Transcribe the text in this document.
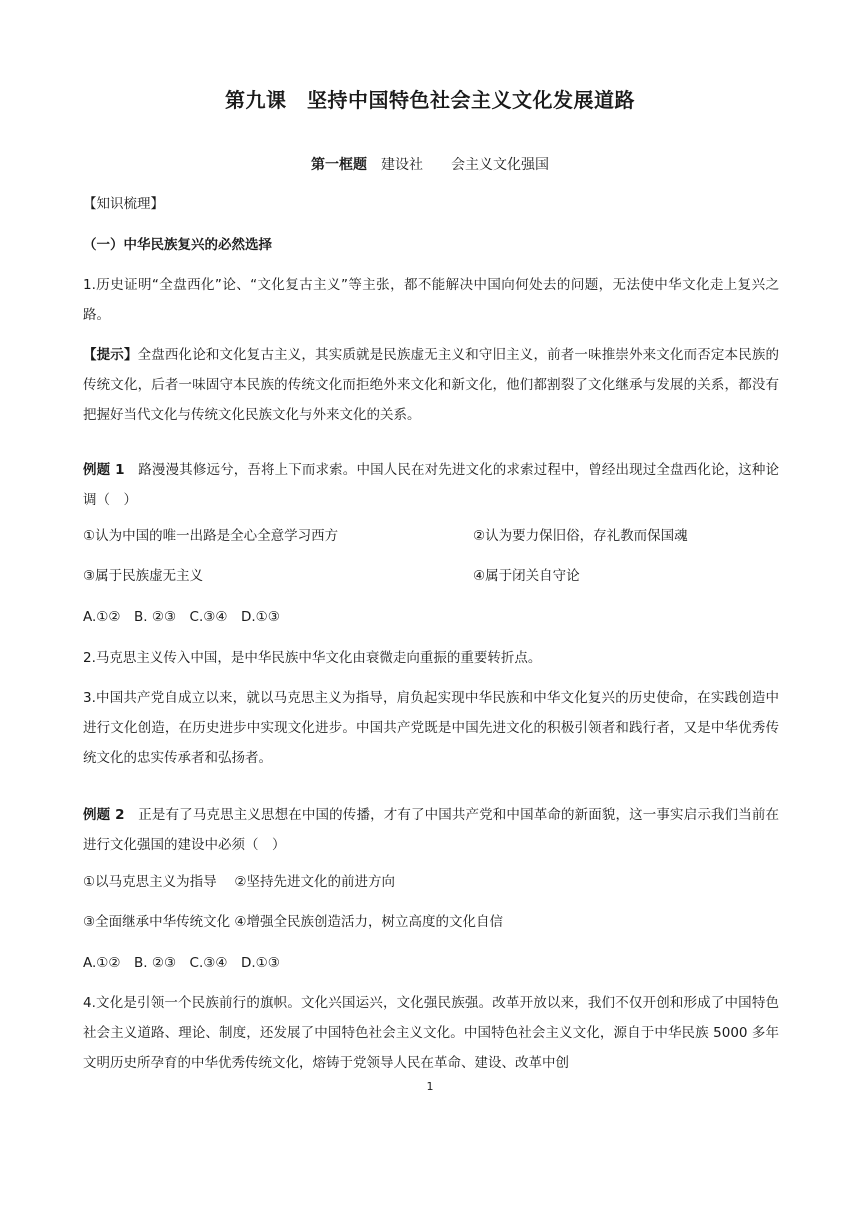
第九课　坚持中国特色社会主义文化发展道路
第一框题　 建设社　　会主义文化强国
【知识梳理】
（一）中华民族复兴的必然选择
1.历史证明“全盘西化”论、“文化复古主义”等主张，都不能解决中国向何处去的问题，无法使中华文化走上复兴之路。
【提示】全盘西化论和文化复古主义，其实质就是民族虚无主义和守旧主义，前者一味推崇外来文化而否定本民族的传统文化，后者一味固守本民族的传统文化而拒绝外来文化和新文化，他们都割裂了文化继承与发展的关系，都没有把握好当代文化与传统文化民族文化与外来文化的关系。
例题 1　 路漫漫其修远兮，吾将上下而求索。中国人民在对先进文化的求索过程中，曾经出现过全盘西化论，这种论调（　）
①认为中国的唯一出路是全心全意学习西方	②认为要力保旧俗，存礼教而保国魂
③属于民族虚无主义	④属于闭关自守论
A.①②　B. ②③　C.③④　D.①③
2.马克思主义传入中国，是中华民族中华文化由衰微走向重振的重要转折点。
3.中国共产党自成立以来，就以马克思主义为指导，肩负起实现中华民族和中华文化复兴的历史使命，在实践创造中进行文化创造，在历史进步中实现文化进步。中国共产党既是中国先进文化的积极引领者和践行者，又是中华优秀传统文化的忠实传承者和弘扬者。
例题 2　 正是有了马克思主义思想在中国的传播，才有了中国共产党和中国革命的新面貌，这一事实启示我们当前在进行文化强国的建设中必须（　）
①以马克思主义为指导　 ②坚持先进文化的前进方向
③全面继承中华传统文化 ④增强全民族创造活力，树立高度的文化自信
A.①②　B. ②③　C.③④　D.①③
4.文化是引领一个民族前行的旗帜。文化兴国运兴，文化强民族强。改革开放以来，我们不仅开创和形成了中国特色社会主义道路、理论、制度，还发展了中国特色社会主义文化。中国特色社会主义文化，源自于中华民族 5000 多年文明历史所孕育的中华优秀传统文化，熔铸于党领导人民在革命、建设、改革中创
1
